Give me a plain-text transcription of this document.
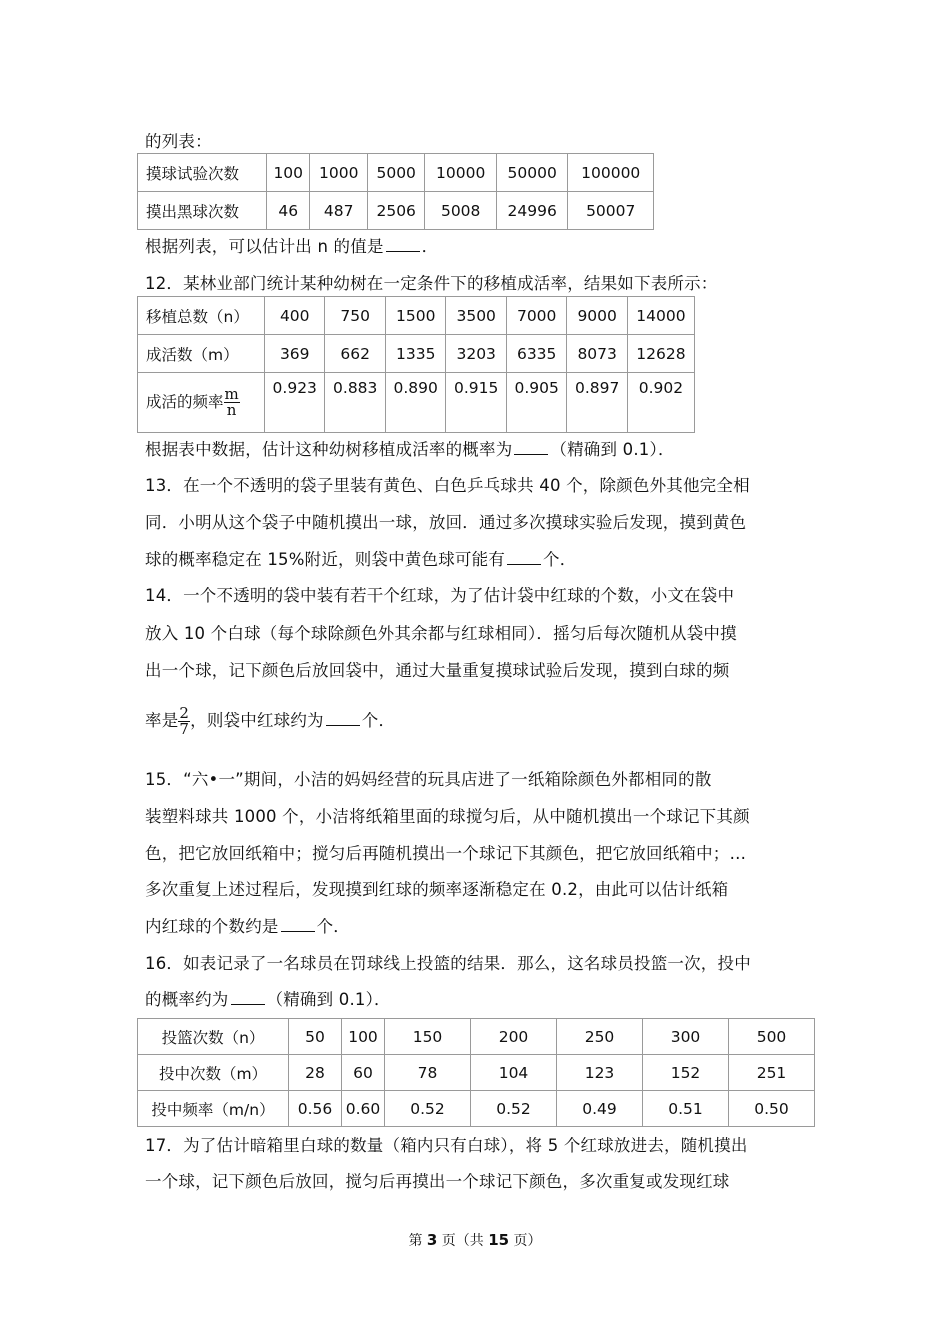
的列表：
摸球试验次数	100	1000	5000	10000	50000	100000
摸出黑球次数	46	487	2506	5008	24996	50007
根据列表，可以估计出 n 的值是 ．
12．某林业部门统计某种幼树在一定条件下的移植成活率，结果如下表所示：
移植总数（n）	400	750	1500	3500	7000	9000	14000
成活数（m）	369	662	1335	3203	6335	8073	12628
成活的频率 $\frac{m}{n}$	0.923	0.883	0.890	0.915	0.905	0.897	0.902
根据表中数据，估计这种幼树移植成活率的概率为 （精确到 0.1）．
13．在一个不透明的袋子里装有黄色、白色乒乓球共 40 个，除颜色外其他完全相
同．小明从这个袋子中随机摸出一球，放回．通过多次摸球实验后发现，摸到黄色
球的概率稳定在 15%附近，则袋中黄色球可能有 个．
14．一个不透明的袋中装有若干个红球，为了估计袋中红球的个数，小文在袋中
放入 10 个白球（每个球除颜色外其余都与红球相同）．摇匀后每次随机从袋中摸
出一个球，记下颜色后放回袋中，通过大量重复摸球试验后发现，摸到白球的频
率是 $\frac{2}{7}$ ，则袋中红球约为 个．
15．“六•一”期间，小洁的妈妈经营的玩具店进了一纸箱除颜色外都相同的散
装塑料球共 1000 个，小洁将纸箱里面的球搅匀后，从中随机摸出一个球记下其颜
色，把它放回纸箱中；搅匀后再随机摸出一个球记下其颜色，把它放回纸箱中；…
多次重复上述过程后，发现摸到红球的频率逐渐稳定在 0.2，由此可以估计纸箱
内红球的个数约是 个．
16．如表记录了一名球员在罚球线上投篮的结果．那么，这名球员投篮一次，投中
的概率约为 （精确到 0.1）．
投篮次数（n）	50	100	150	200	250	300	500
投中次数（m）	28	60	78	104	123	152	251
投中频率（m/n）	0.56	0.60	0.52	0.52	0.49	0.51	0.50
17．为了估计暗箱里白球的数量（箱内只有白球），将 5 个红球放进去，随机摸出
一个球，记下颜色后放回，搅匀后再摸出一个球记下颜色，多次重复或发现红球
第 3 页（共 15 页）
